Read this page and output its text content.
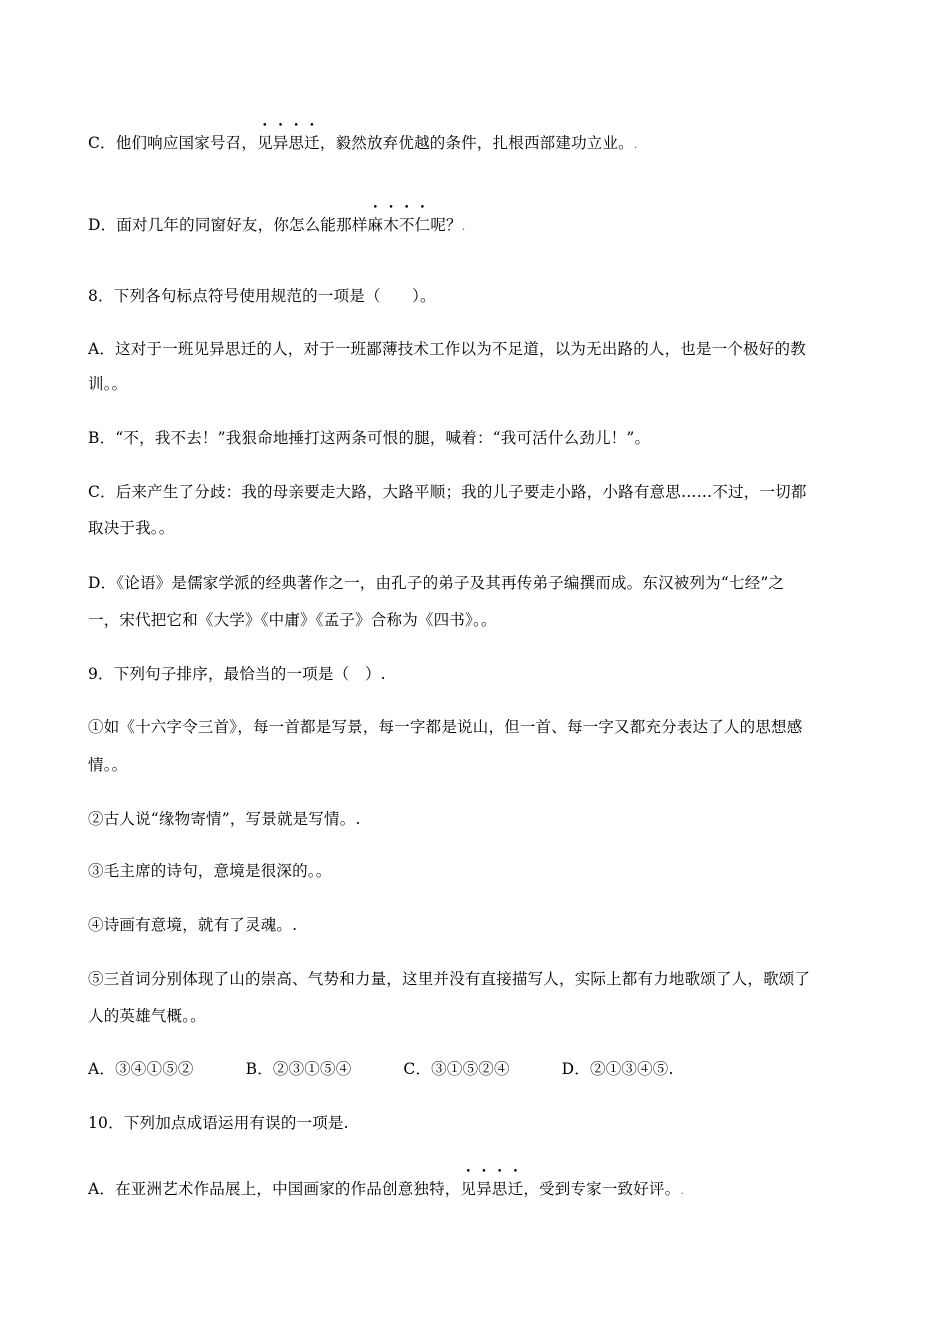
C．他们响应国家号召，见异思迁，毅然放弃优越的条件，扎根西部建功立业。.
D．面对几年的同窗好友，你怎么能那样麻木不仁呢？.
8．下列各句标点符号使用规范的一项是（　　）。
A．这对于一班见异思迁的人，对于一班鄙薄技术工作以为不足道，以为无出路的人，也是一个极好的教
训。。
B．“不，我不去！”我狠命地捶打这两条可恨的腿，喊着：“我可活什么劲儿！”。
C．后来产生了分歧：我的母亲要走大路，大路平顺；我的儿子要走小路，小路有意思……不过，一切都
取决于我。。
D．《论语》是儒家学派的经典著作之一，由孔子的弟子及其再传弟子编撰而成。东汉被列为“七经”之
一，宋代把它和《大学》《中庸》《孟子》合称为《四书》。。
9．下列句子排序，最恰当的一项是（　）.
①如《十六字令三首》，每一首都是写景，每一字都是说山，但一首、每一字又都充分表达了人的思想感
情。。
②古人说“缘物寄情”，写景就是写情。.
③毛主席的诗句，意境是很深的。。
④诗画有意境，就有了灵魂。.
⑤三首词分别体现了山的崇高、气势和力量，这里并没有直接描写人，实际上都有力地歌颂了人，歌颂了
人的英雄气概。。
A．③④①⑤②	B．②③①⑤④	C．③①⑤②④	D．②①③④⑤.
10．下列加点成语运用有误的一项是.
A．在亚洲艺术作品展上，中国画家的作品创意独特，见异思迁，受到专家一致好评。.
